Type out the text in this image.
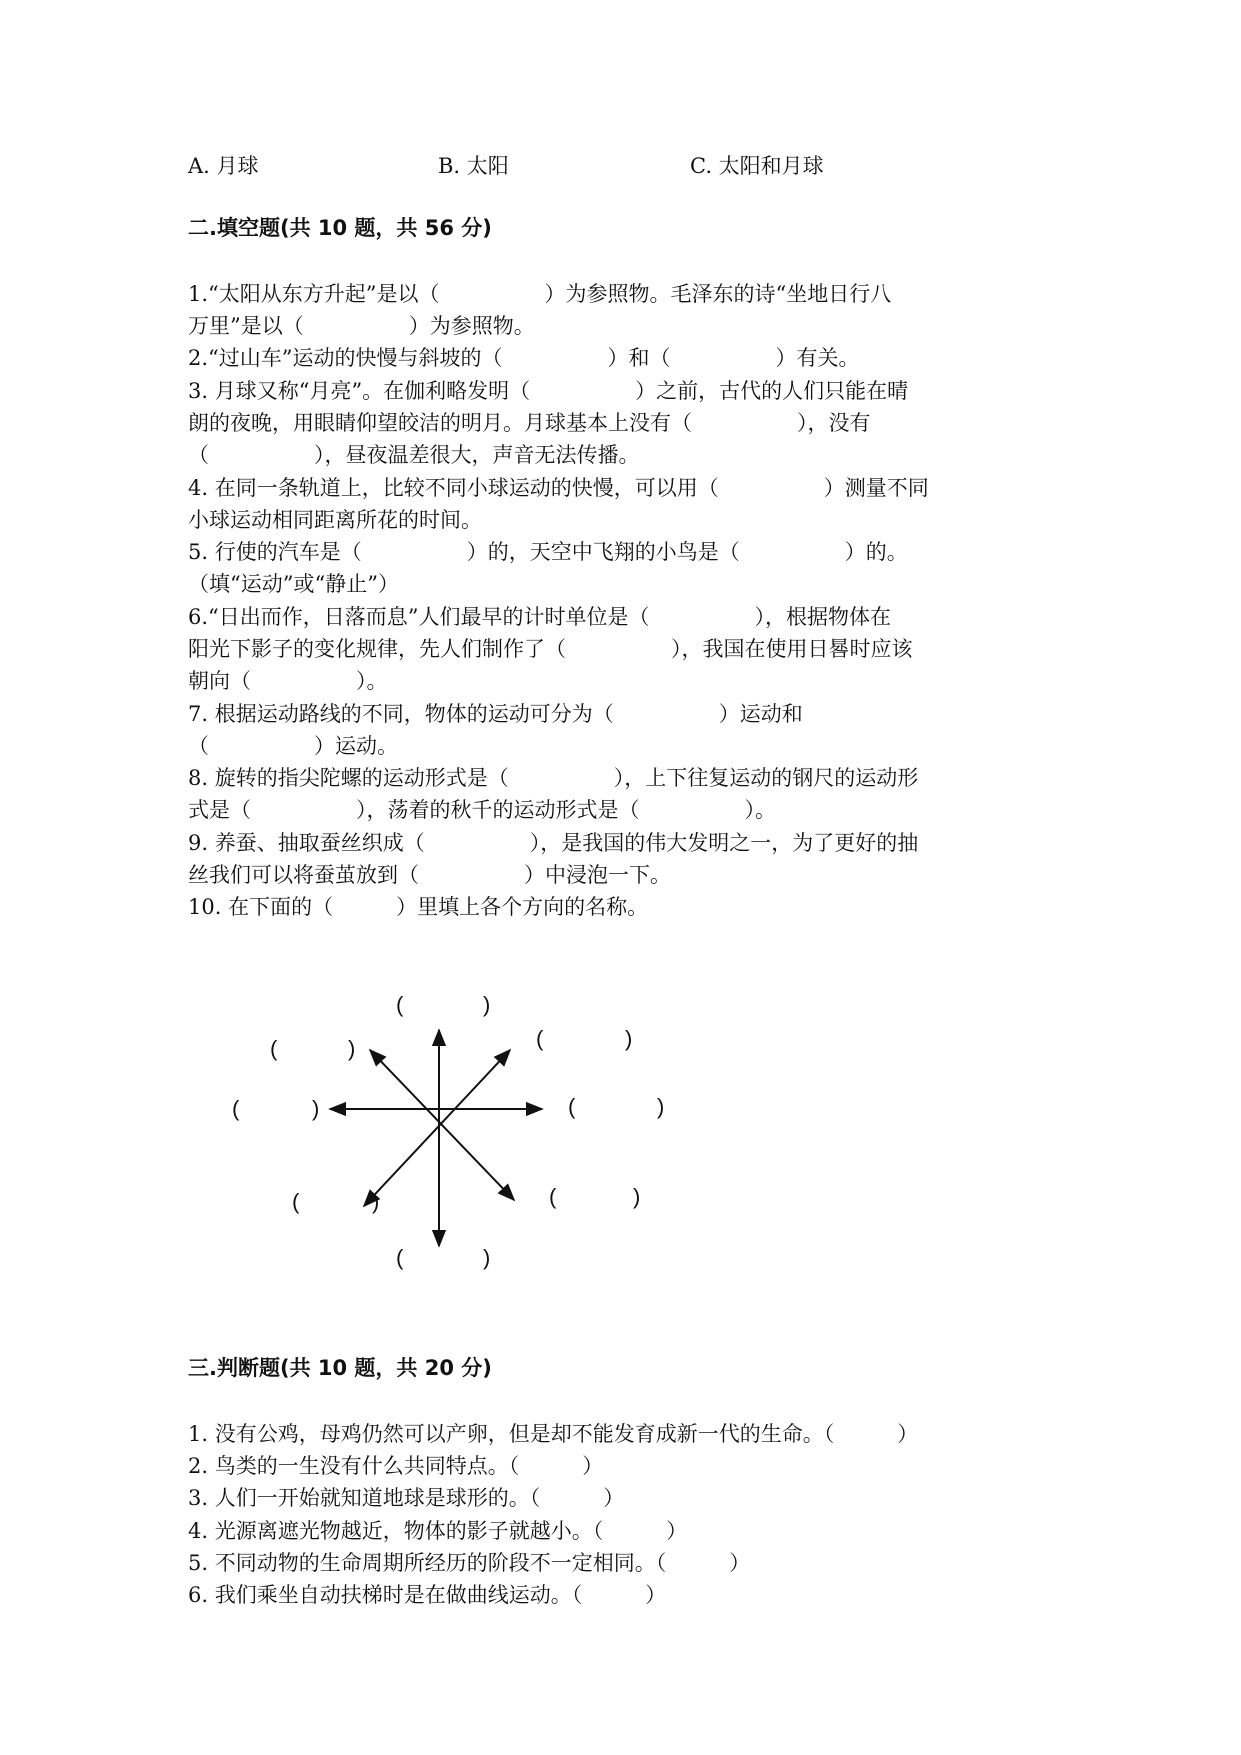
A. 月球	B. 太阳	C. 太阳和月球
二.填空题(共 10 题，共 56 分)
1.“太阳从东方升起”是以（　　　　　）为参照物。毛泽东的诗“坐地日行八
万里”是以（　　　　　）为参照物。
2.“过山车”运动的快慢与斜坡的（　　　　　）和（　　　　　）有关。
3. 月球又称“月亮”。在伽利略发明（　　　　　）之前，古代的人们只能在晴
朗的夜晚，用眼睛仰望皎洁的明月。月球基本上没有（　　　　　），没有
（　　　　　），昼夜温差很大，声音无法传播。
4. 在同一条轨道上，比较不同小球运动的快慢，可以用（　　　　　）测量不同
小球运动相同距离所花的时间。
5. 行使的汽车是（　　　　　）的，天空中飞翔的小鸟是（　　　　　）的。
（填“运动”或“静止”）
6.“日出而作，日落而息”人们最早的计时单位是（　　　　　），根据物体在
阳光下影子的变化规律，先人们制作了（　　　　　），我国在使用日晷时应该
朝向（　　　　　）。
7. 根据运动路线的不同，物体的运动可分为（　　　　　）运动和
（　　　　　）运动。
8. 旋转的指尖陀螺的运动形式是（　　　　　），上下往复运动的钢尺的运动形
式是（　　　　　），荡着的秋千的运动形式是（　　　　　）。
9. 养蚕、抽取蚕丝织成（　　　　　），是我国的伟大发明之一，为了更好的抽
丝我们可以将蚕茧放到（　　　　　）中浸泡一下。
10. 在下面的（　　　）里填上各个方向的名称。
(	)
(	)	(	)
(	)	(	)
(	)	(	)
(	)
三.判断题(共 10 题，共 20 分)
1. 没有公鸡，母鸡仍然可以产卵，但是却不能发育成新一代的生命。（　　　）
2. 鸟类的一生没有什么共同特点。（　　　）
3. 人们一开始就知道地球是球形的。（　　　）
4. 光源离遮光物越近，物体的影子就越小。（　　　）
5. 不同动物的生命周期所经历的阶段不一定相同。（　　　）
6. 我们乘坐自动扶梯时是在做曲线运动。（　　　）
